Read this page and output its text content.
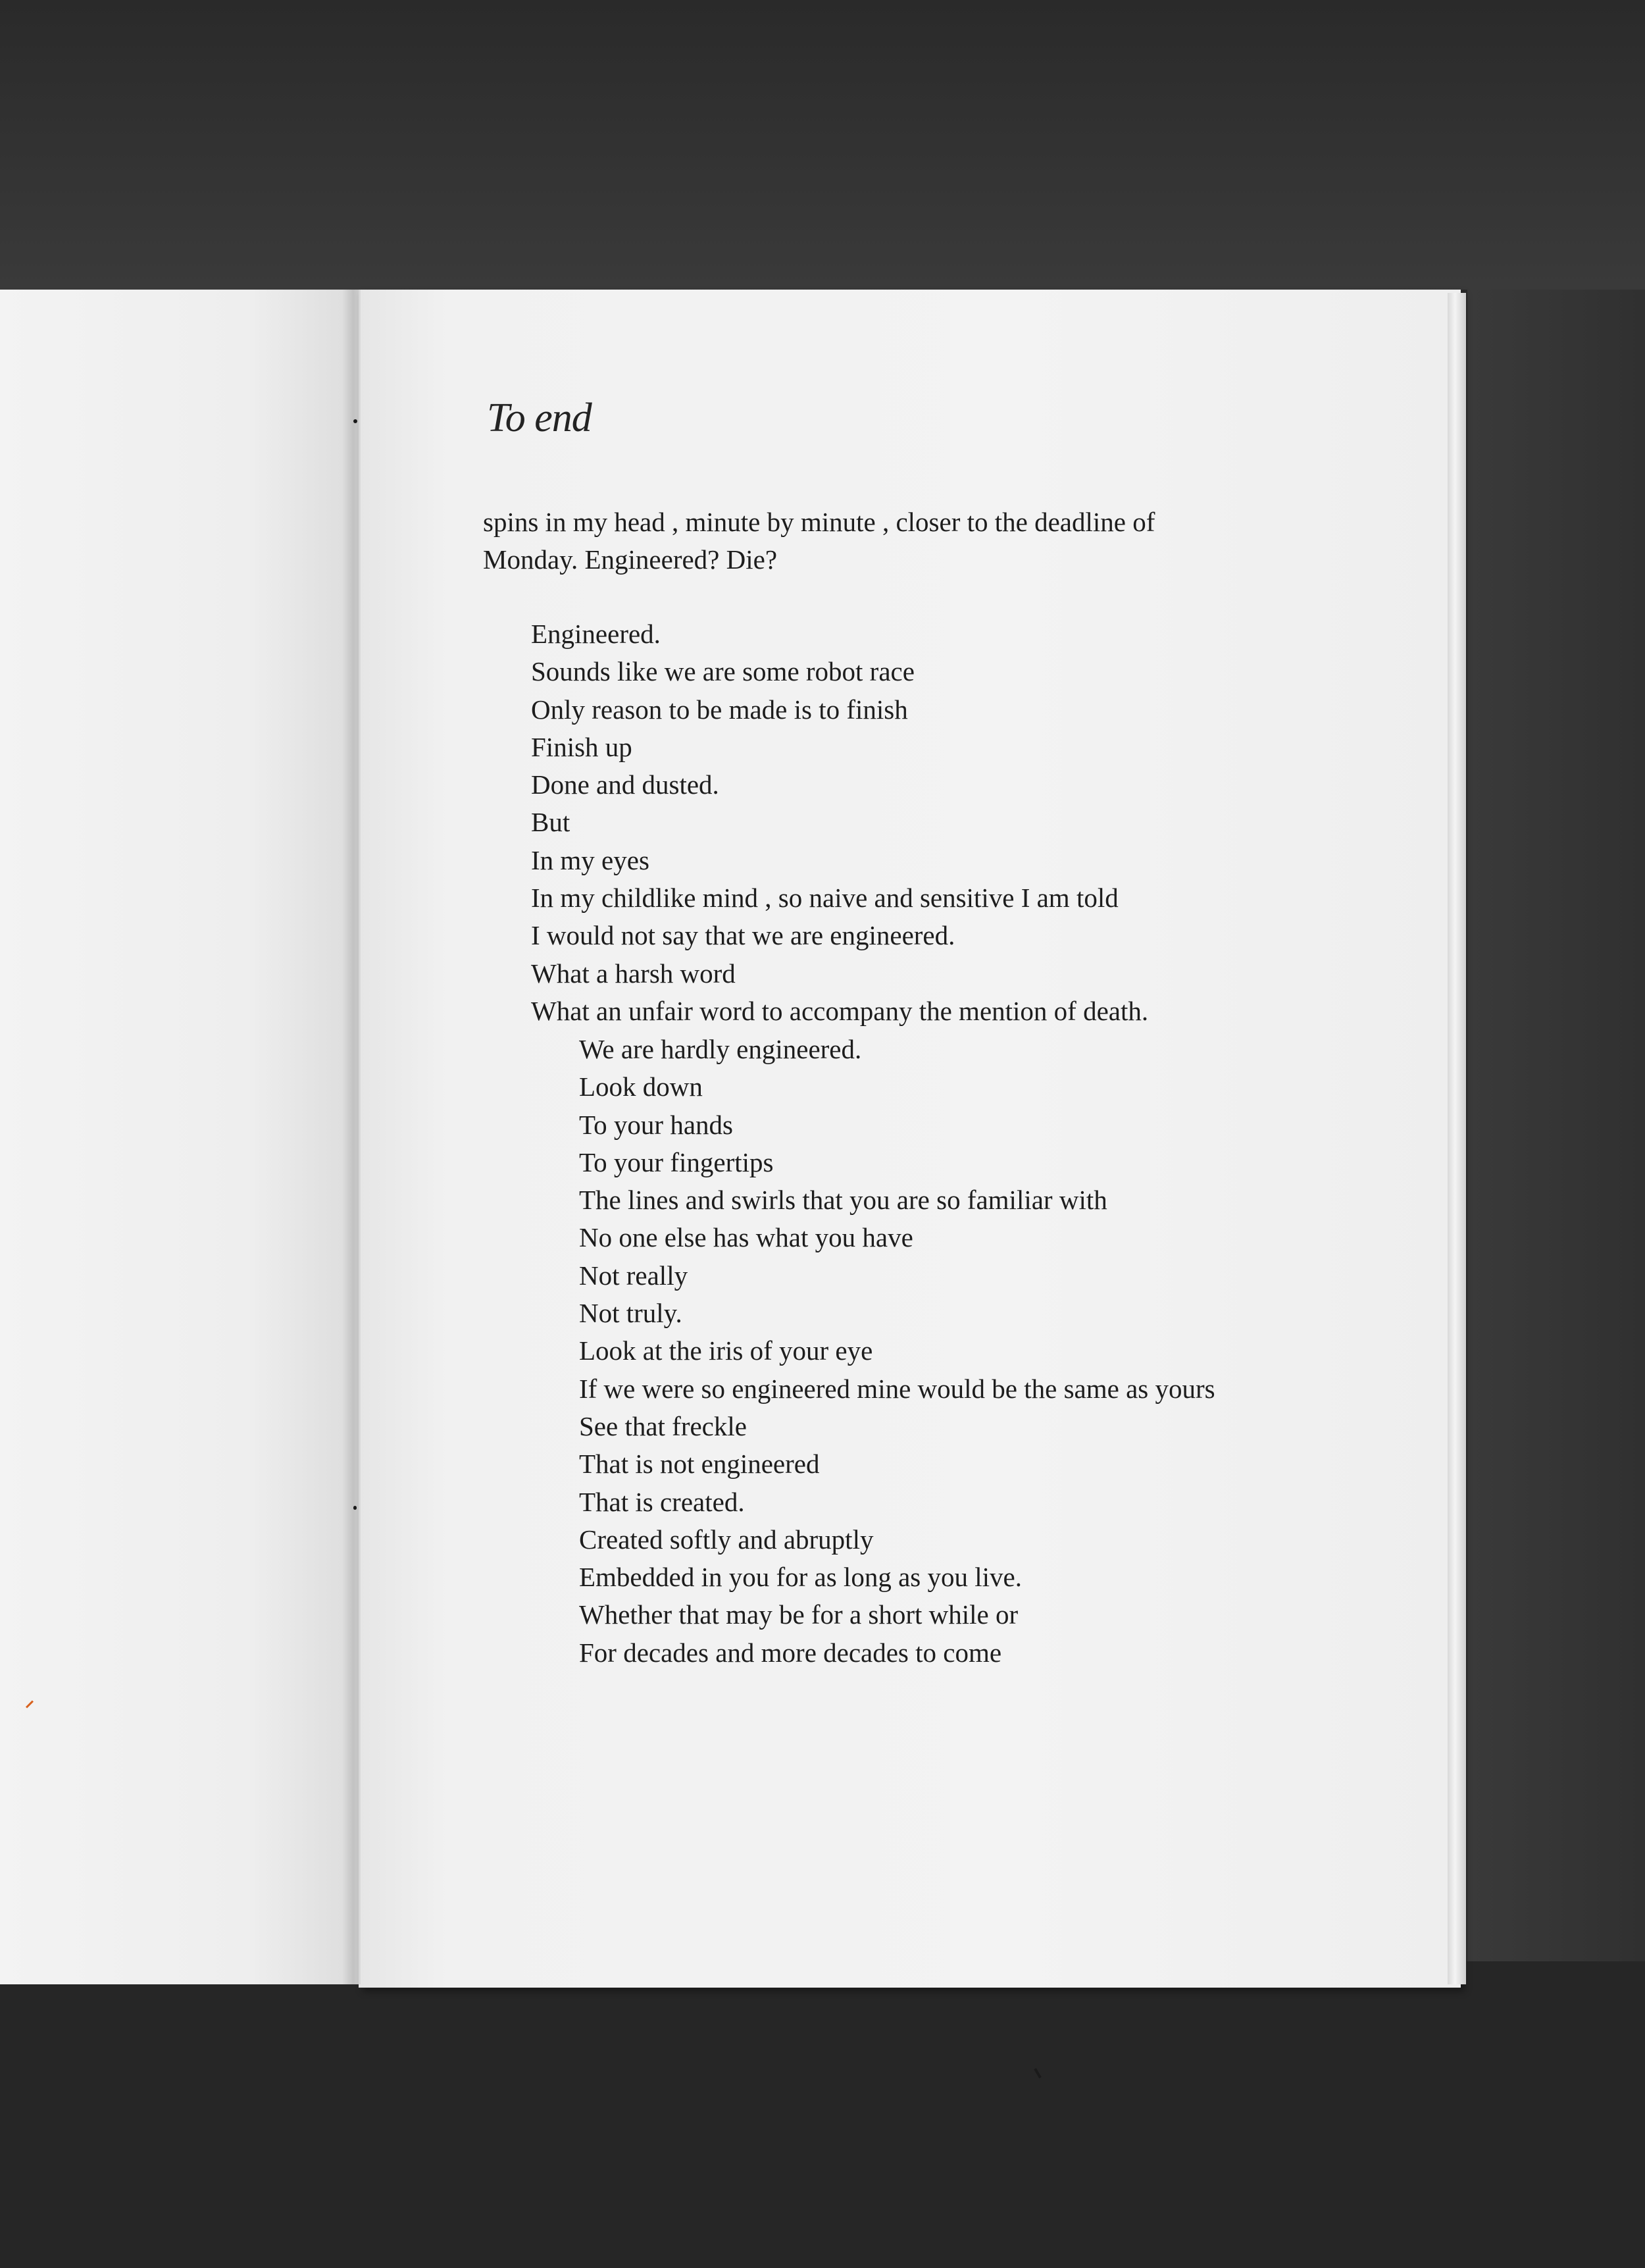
To end
spins in my head , minute by minute , closer to the deadline of
Monday. Engineered? Die?
Engineered.
Sounds like we are some robot race
Only reason to be made is to finish
Finish up
Done and dusted.
But
In my eyes
In my childlike mind , so naive and sensitive I am told
I would not say that we are engineered.
What a harsh word
What an unfair word to accompany the mention of death.
We are hardly engineered.
Look down
To your hands
To your fingertips
The lines and swirls that you are so familiar with
No one else has what you have
Not really
Not truly.
Look at the iris of your eye
If we were so engineered mine would be the same as yours
See that freckle
That is not engineered
That is created.
Created softly and abruptly
Embedded in you for as long as you live.
Whether that may be for a short while or
For decades and more decades to come
